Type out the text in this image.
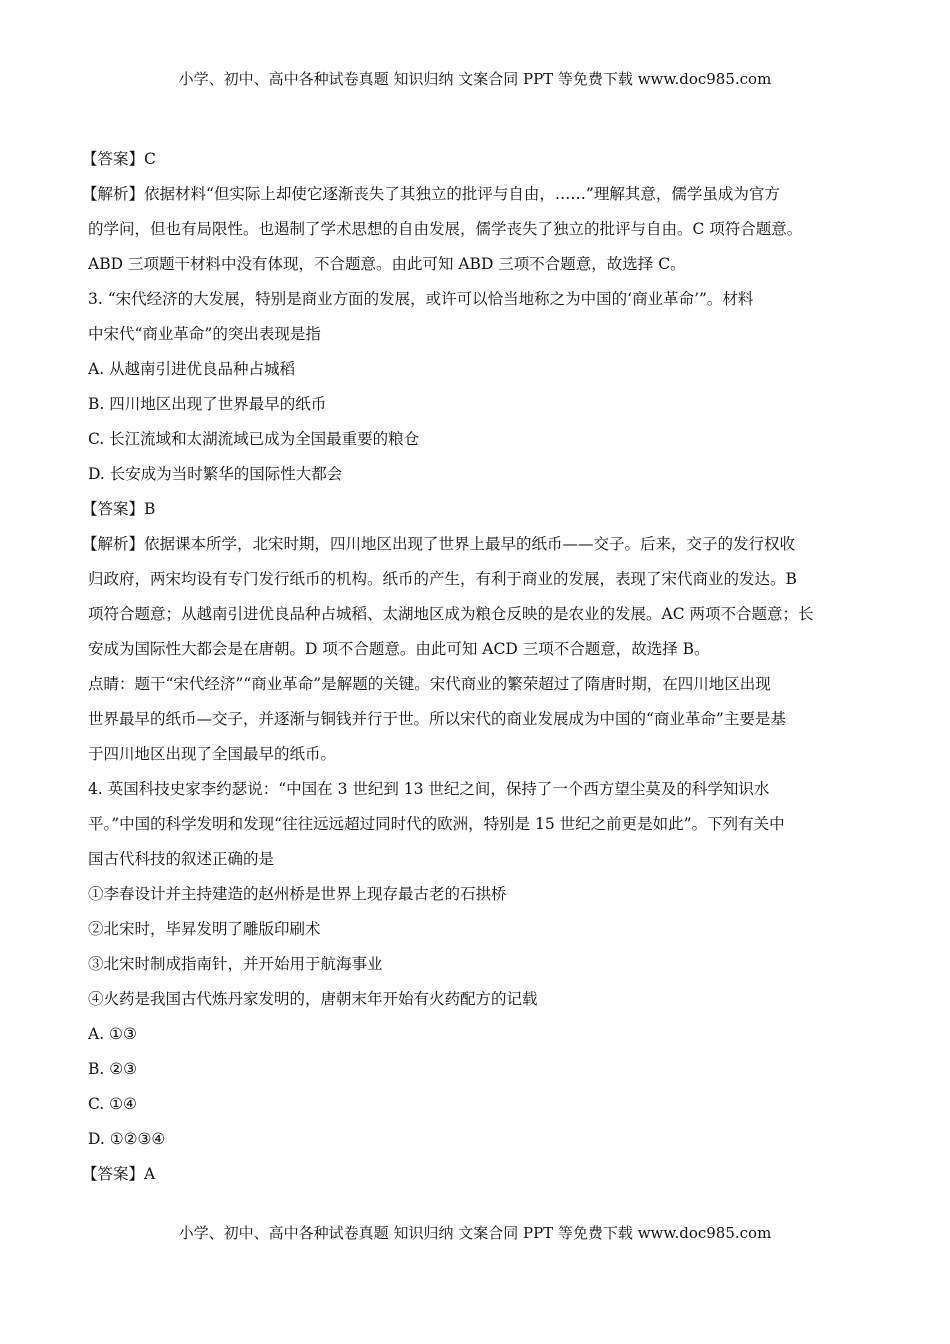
小学、初中、高中各种试卷真题 知识归纳 文案合同 PPT 等免费下载 www.doc985.com
【答案】C
【解析】依据材料“但实际上却使它逐渐丧失了其独立的批评与自由，……”理解其意，儒学虽成为官方
的学问，但也有局限性。也遏制了学术思想的自由发展，儒学丧失了独立的批评与自由。C 项符合题意。
ABD 三项题干材料中没有体现，不合题意。由此可知 ABD 三项不合题意，故选择 C。
3. “宋代经济的大发展，特别是商业方面的发展，或许可以恰当地称之为中国的‘商业革命’”。材料
中宋代“商业革命”的突出表现是指
A. 从越南引进优良品种占城稻
B. 四川地区出现了世界最早的纸币
C. 长江流域和太湖流域已成为全国最重要的粮仓
D. 长安成为当时繁华的国际性大都会
【答案】B
【解析】依据课本所学，北宋时期，四川地区出现了世界上最早的纸币——交子。后来，交子的发行权收
归政府，两宋均设有专门发行纸币的机构。纸币的产生，有利于商业的发展，表现了宋代商业的发达。B
项符合题意；从越南引进优良品种占城稻、太湖地区成为粮仓反映的是农业的发展。AC 两项不合题意；长
安成为国际性大都会是在唐朝。D 项不合题意。由此可知 ACD 三项不合题意，故选择 B。
点睛：题干“宋代经济”“商业革命”是解题的关键。宋代商业的繁荣超过了隋唐时期，在四川地区出现
世界最早的纸币—交子，并逐渐与铜钱并行于世。所以宋代的商业发展成为中国的“商业革命”主要是基
于四川地区出现了全国最早的纸币。
4. 英国科技史家李约瑟说：“中国在 3 世纪到 13 世纪之间，保持了一个西方望尘莫及的科学知识水
平。”中国的科学发明和发现“往往远远超过同时代的欧洲，特别是 15 世纪之前更是如此”。下列有关中
国古代科技的叙述正确的是
①李春设计并主持建造的赵州桥是世界上现存最古老的石拱桥
②北宋时，毕昇发明了雕版印刷术
③北宋时制成指南针，并开始用于航海事业
④火药是我国古代炼丹家发明的，唐朝末年开始有火药配方的记载
A. ①③
B. ②③
C. ①④
D. ①②③④
【答案】A
小学、初中、高中各种试卷真题 知识归纳 文案合同 PPT 等免费下载 www.doc985.com
